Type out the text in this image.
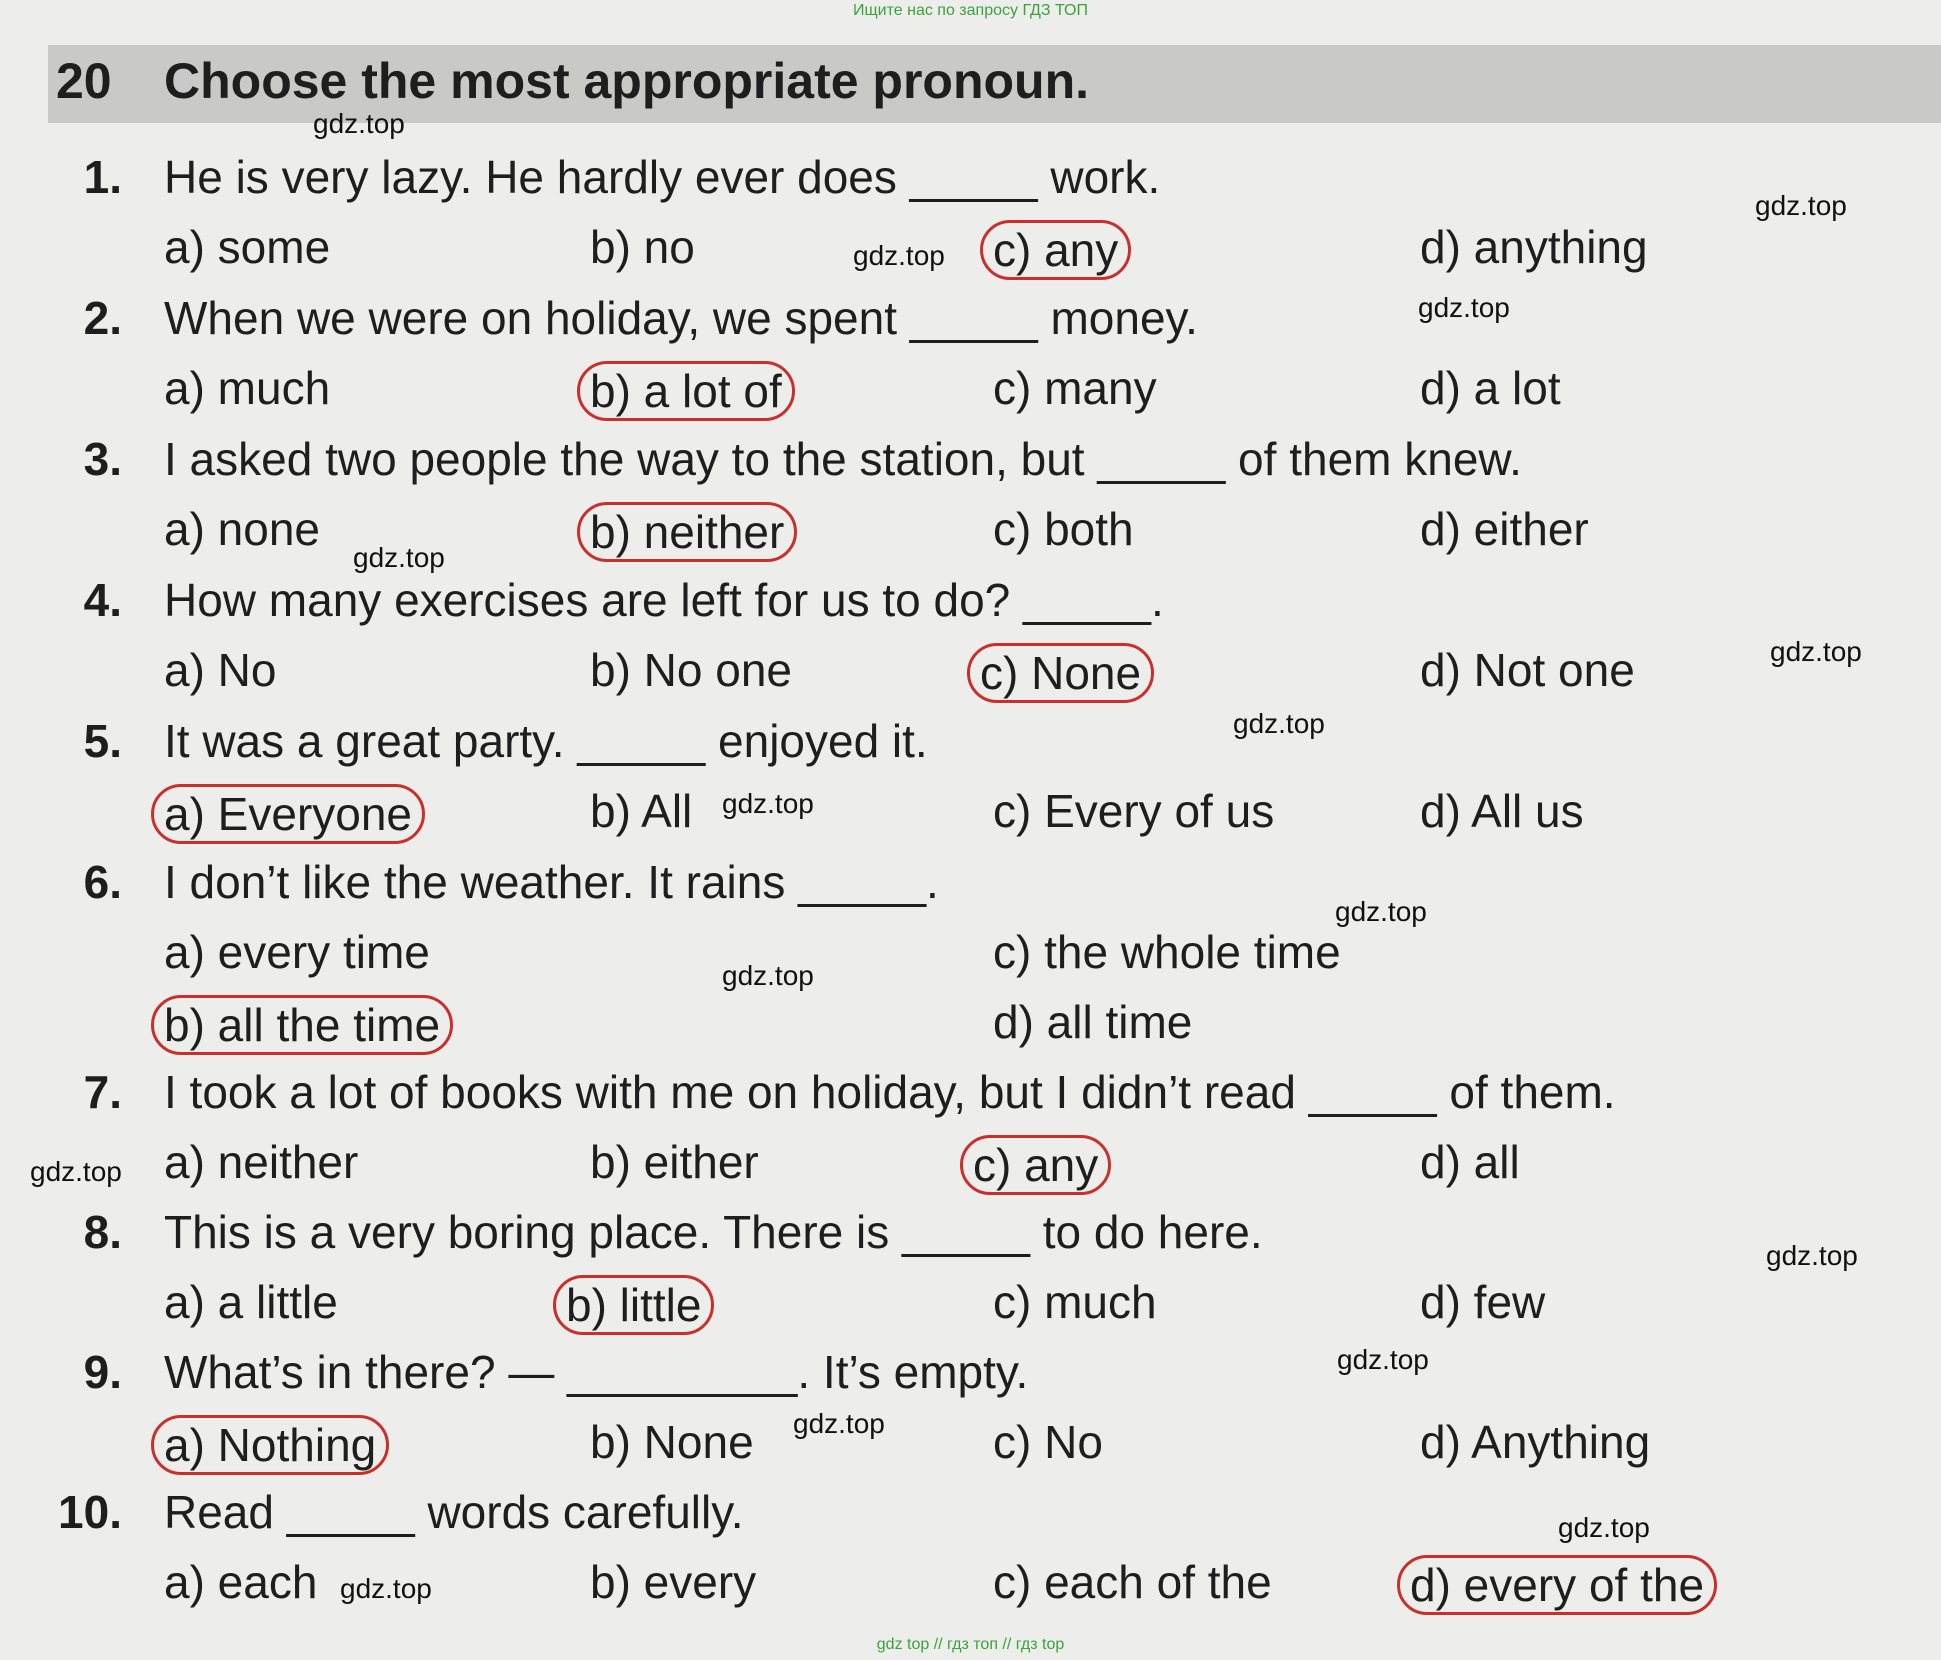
Ищите нас по запросу ГДЗ ТОП
20 Choose the most appropriate pronoun.
1. He is very lazy. He hardly ever does _____ work.
a) some	b) no	c) any	d) anything
2. When we were on holiday, we spent _____ money.
a) much	b) a lot of	c) many	d) a lot
3. I asked two people the way to the station, but _____ of them knew.
a) none	b) neither	c) both	d) either
4. How many exercises are left for us to do? _____.
a) No	b) No one	c) None	d) Not one
5. It was a great party. _____ enjoyed it.
a) Everyone	b) All	c) Every of us	d) All us
6. I don’t like the weather. It rains _____.
a) every time	c) the whole time
b) all the time	d) all time
7. I took a lot of books with me on holiday, but I didn’t read _____ of them.
a) neither	b) either	c) any	d) all
8. This is a very boring place. There is _____ to do here.
a) a little	b) little	c) much	d) few
9. What’s in there? — _________. It’s empty.
a) Nothing	b) None	c) No	d) Anything
10. Read _____ words carefully.
a) each	b) every	c) each of the	d) every of the
gdz.top
gdz.top
gdz.top
gdz.top
gdz.top
gdz.top
gdz.top
gdz.top
gdz.top
gdz.top
gdz.top
gdz.top
gdz.top
gdz.top
gdz.top
gdz.top
gdz top // гдз топ // гдз top
